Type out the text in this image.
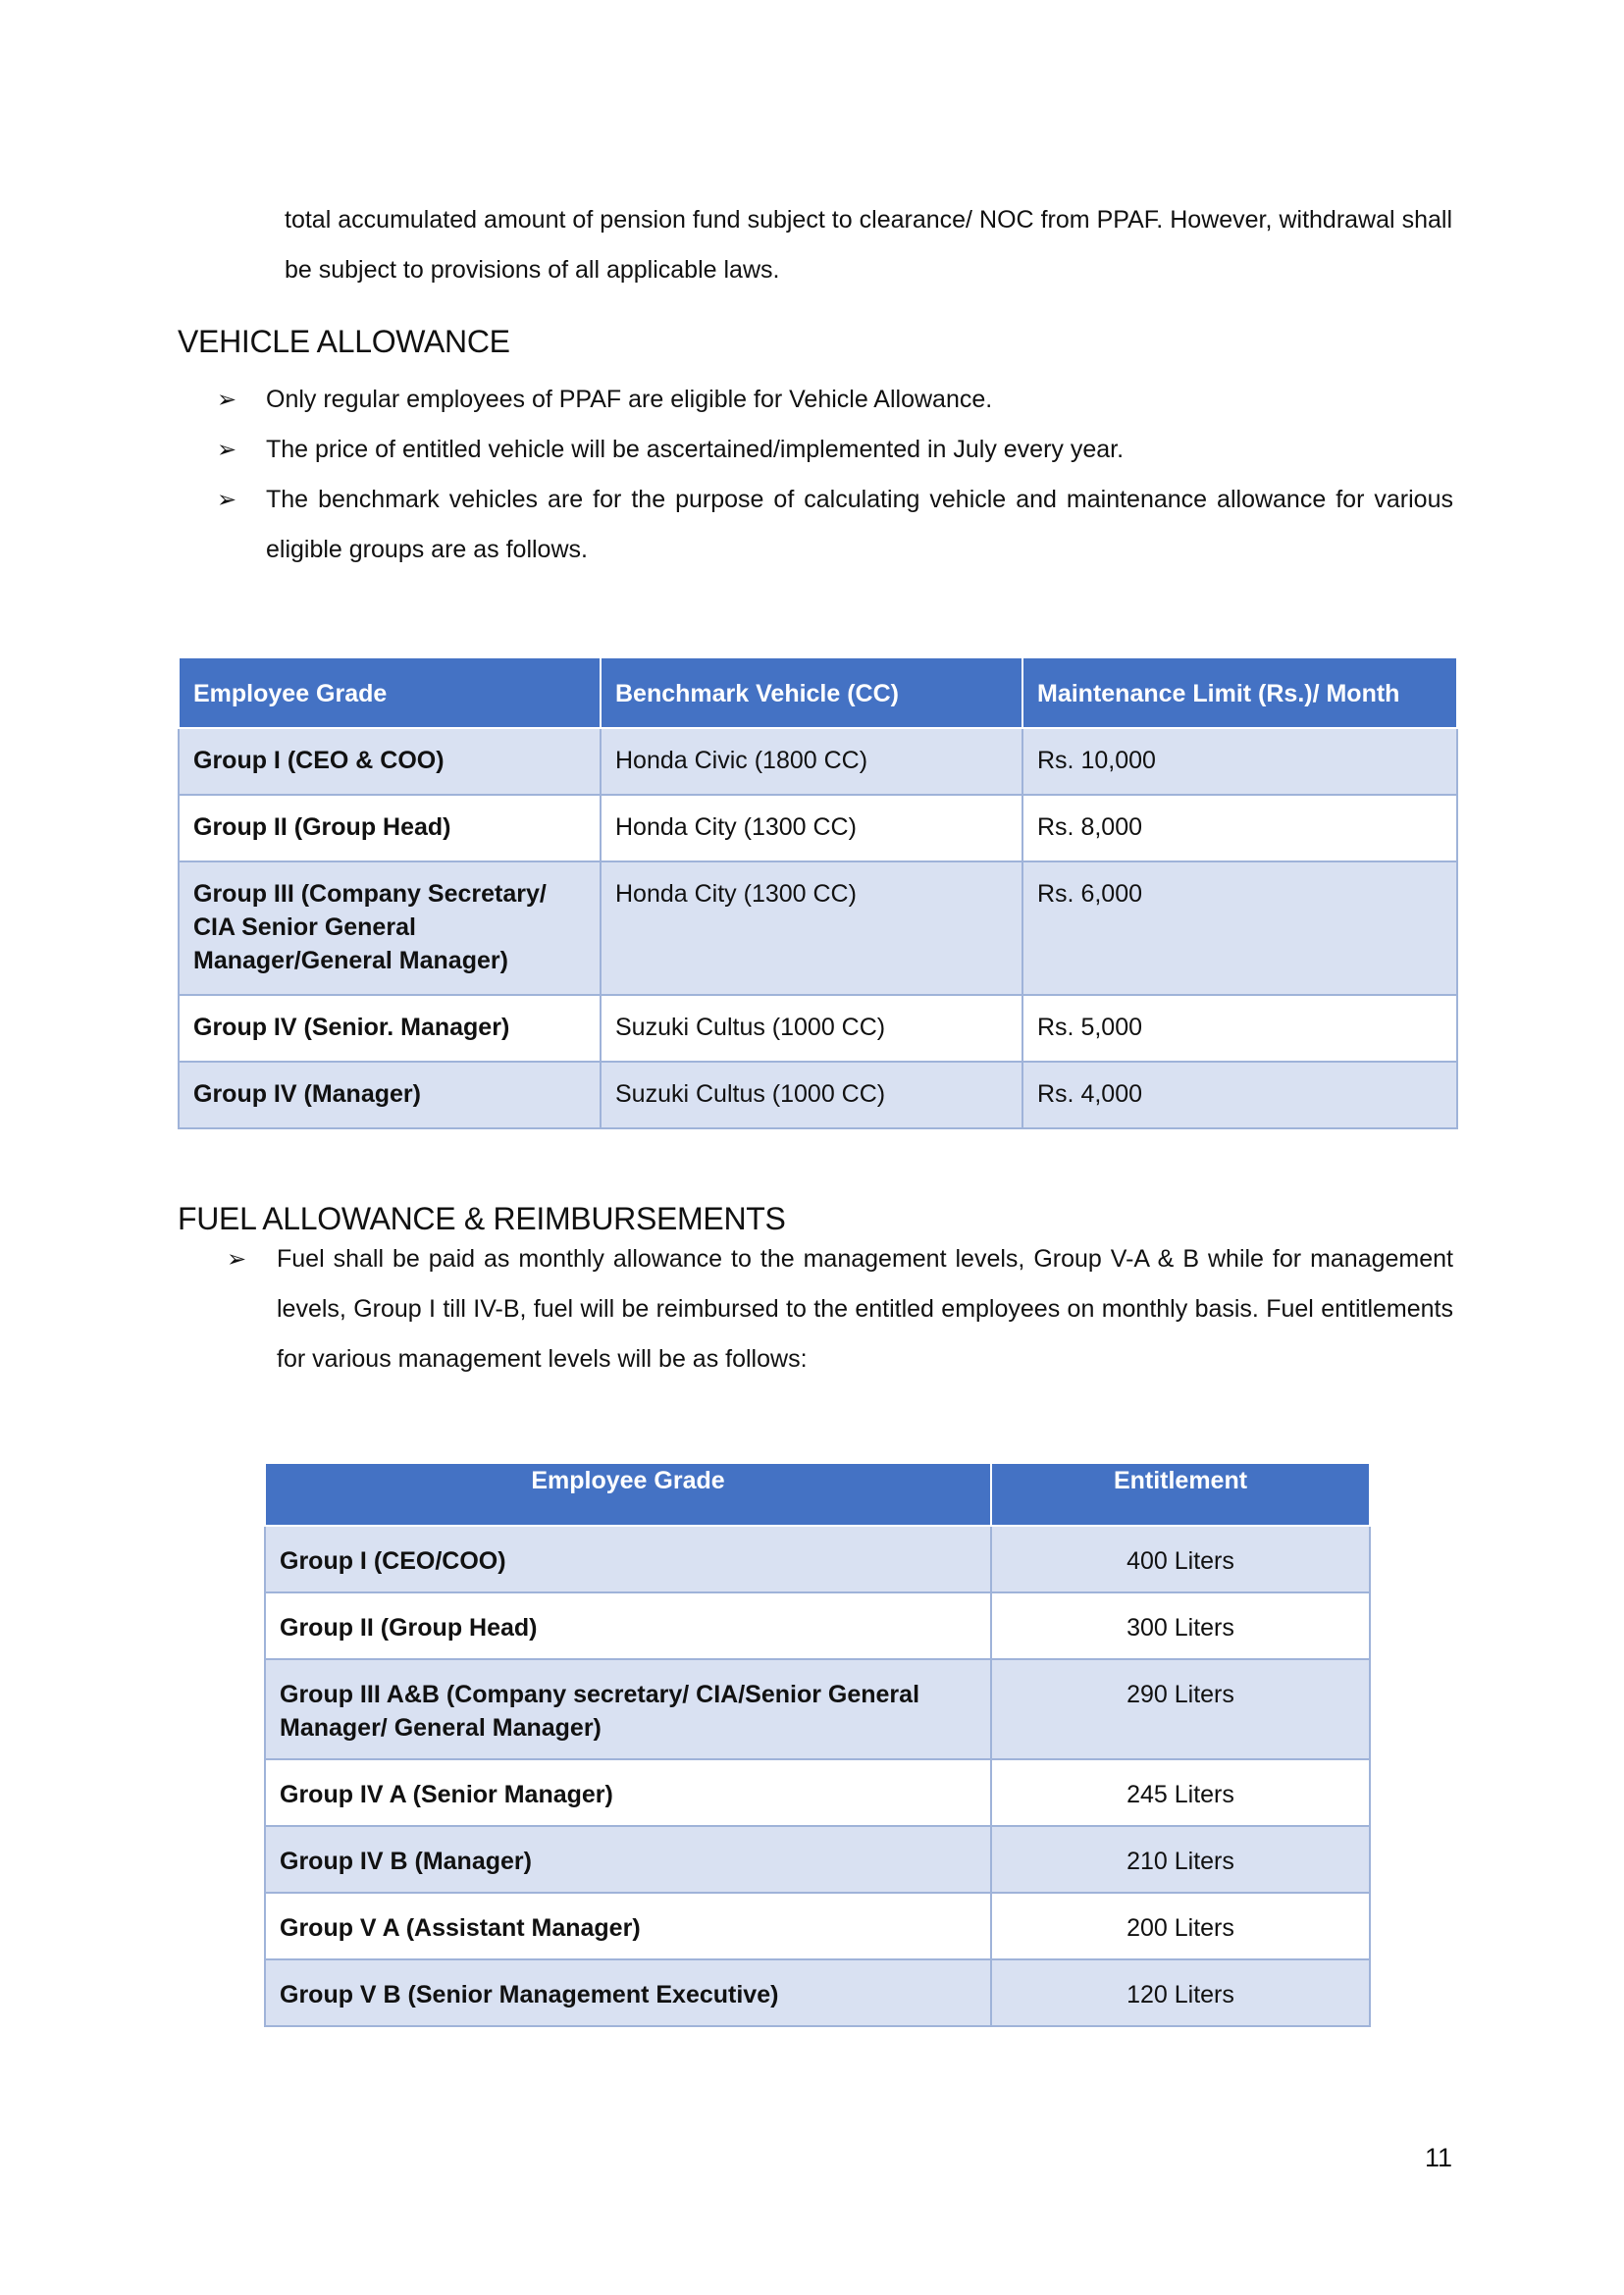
total accumulated amount of pension fund subject to clearance/ NOC from PPAF. However, withdrawal shall be subject to provisions of all applicable laws.

VEHICLE ALLOWANCE
➢ Only regular employees of PPAF are eligible for Vehicle Allowance.
➢ The price of entitled vehicle will be ascertained/implemented in July every year.
➢ The benchmark vehicles are for the purpose of calculating vehicle and maintenance allowance for various eligible groups are as follows.
Employee Grade	Benchmark Vehicle (CC)	Maintenance Limit (Rs.)/ Month
Group I (CEO & COO)	Honda Civic (1800 CC)	Rs. 10,000
Group II (Group Head)	Honda City (1300 CC)	Rs. 8,000
Group III (Company Secretary/ CIA Senior General Manager/General Manager)	Honda City (1300 CC)	Rs. 6,000
Group IV (Senior. Manager)	Suzuki Cultus (1000 CC)	Rs. 5,000
Group IV (Manager)	Suzuki Cultus (1000 CC)	Rs. 4,000
FUEL ALLOWANCE & REIMBURSEMENTS
➢ Fuel shall be paid as monthly allowance to the management levels, Group V-A & B while for management levels, Group I till IV-B, fuel will be reimbursed to the entitled employees on monthly basis. Fuel entitlements for various management levels will be as follows:
Employee Grade	Entitlement
Group I (CEO/COO)	400 Liters
Group II (Group Head)	300 Liters
Group III A&B (Company secretary/ CIA/Senior General Manager/ General Manager)	290 Liters
Group IV A (Senior Manager)	245 Liters
Group IV B (Manager)	210 Liters
Group V A (Assistant Manager)	200 Liters
Group V B (Senior Management Executive)	120 Liters
11
